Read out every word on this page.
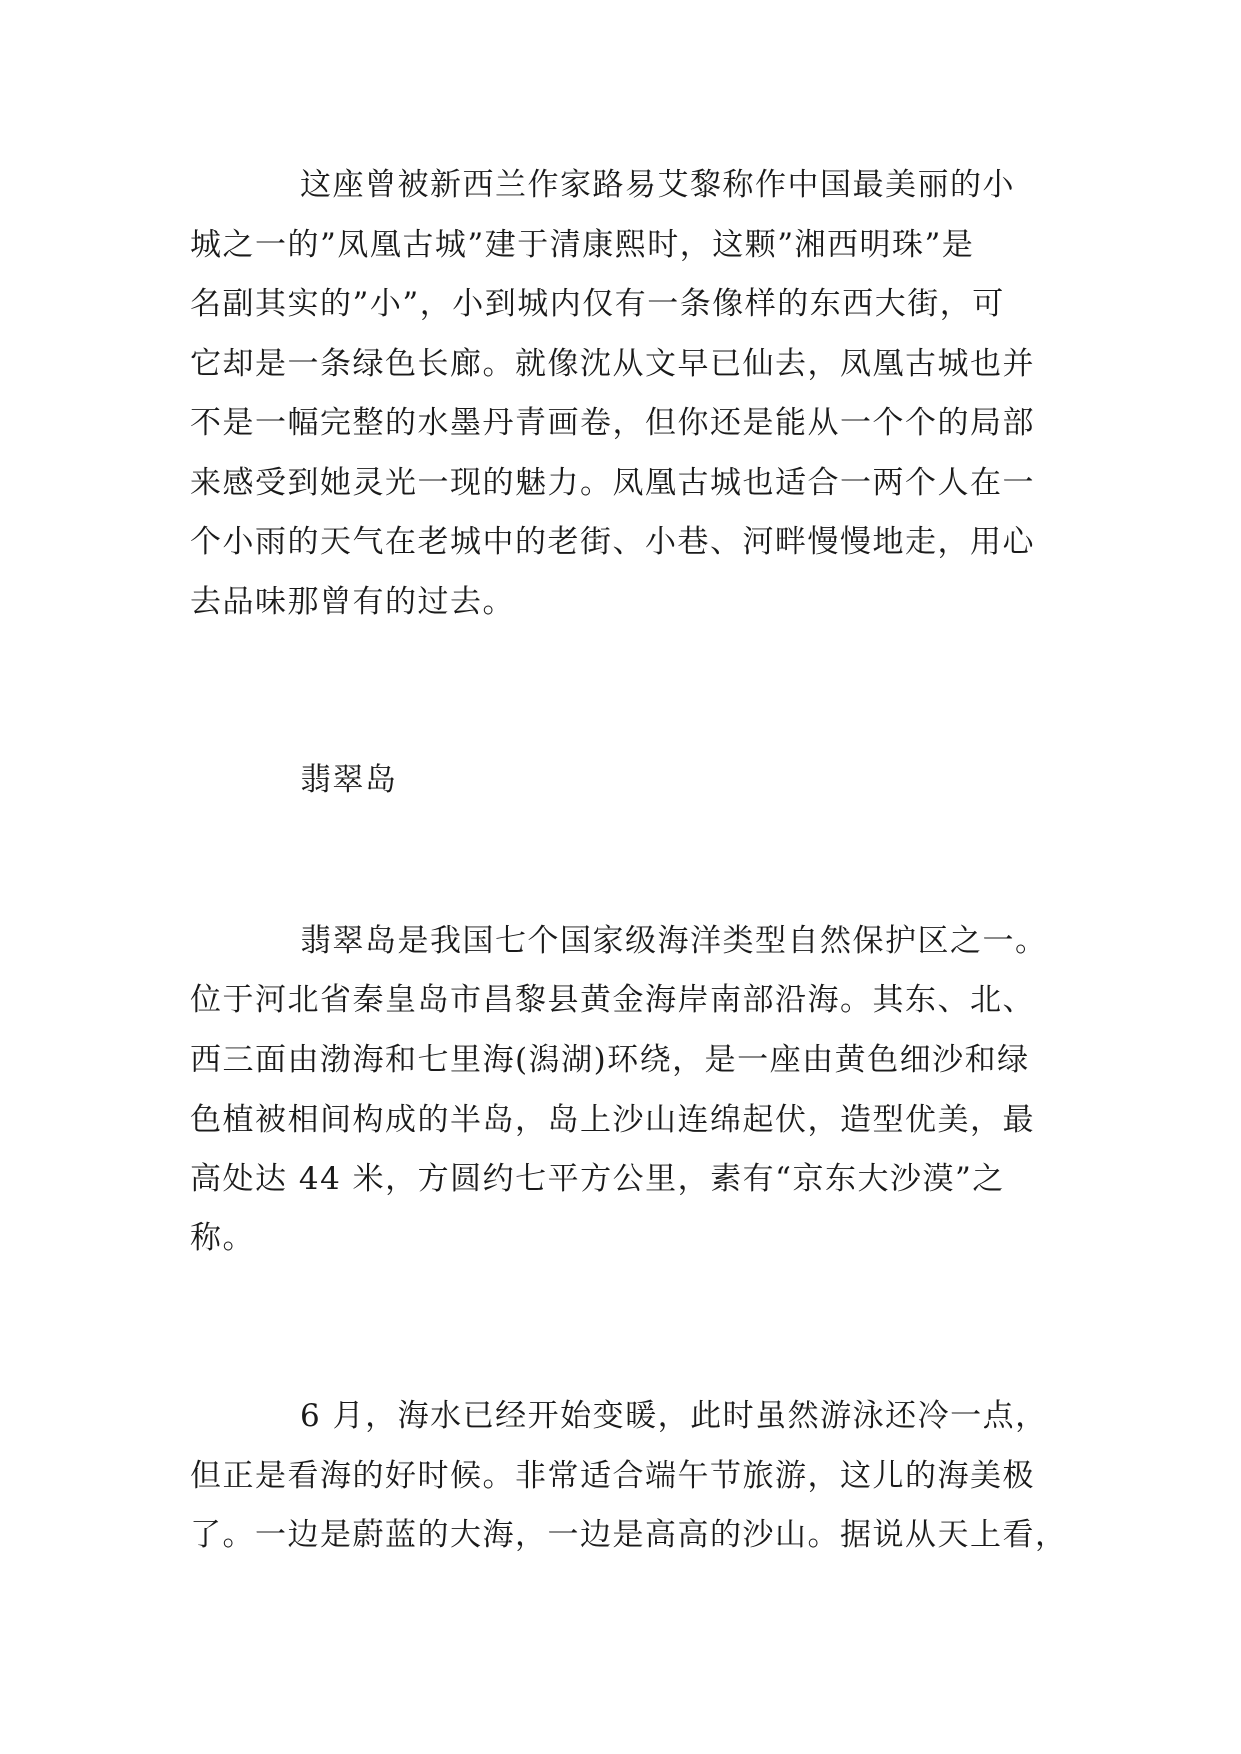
这座曾被新西兰作家路易艾黎称作中国最美丽的小

城之一的”凤凰古城”建于清康熙时，这颗”湘西明珠”是

名副其实的”小”，小到城内仅有一条像样的东西大街，可

它却是一条绿色长廊。就像沈从文早已仙去，凤凰古城也并

不是一幅完整的水墨丹青画卷，但你还是能从一个个的局部

来感受到她灵光一现的魅力。凤凰古城也适合一两个人在一

个小雨的天气在老城中的老街、小巷、河畔慢慢地走，用心

去品味那曾有的过去。

翡翠岛

翡翠岛是我国七个国家级海洋类型自然保护区之一。

位于河北省秦皇岛市昌黎县黄金海岸南部沿海。其东、北、

西三面由渤海和七里海(潟湖)环绕，是一座由黄色细沙和绿

色植被相间构成的半岛，岛上沙山连绵起伏，造型优美，最

高处达 44 米，方圆约七平方公里，素有“京东大沙漠”之

称。

6 月，海水已经开始变暖，此时虽然游泳还冷一点，

但正是看海的好时候。非常适合端午节旅游，这儿的海美极

了。一边是蔚蓝的大海，一边是高高的沙山。据说从天上看，
